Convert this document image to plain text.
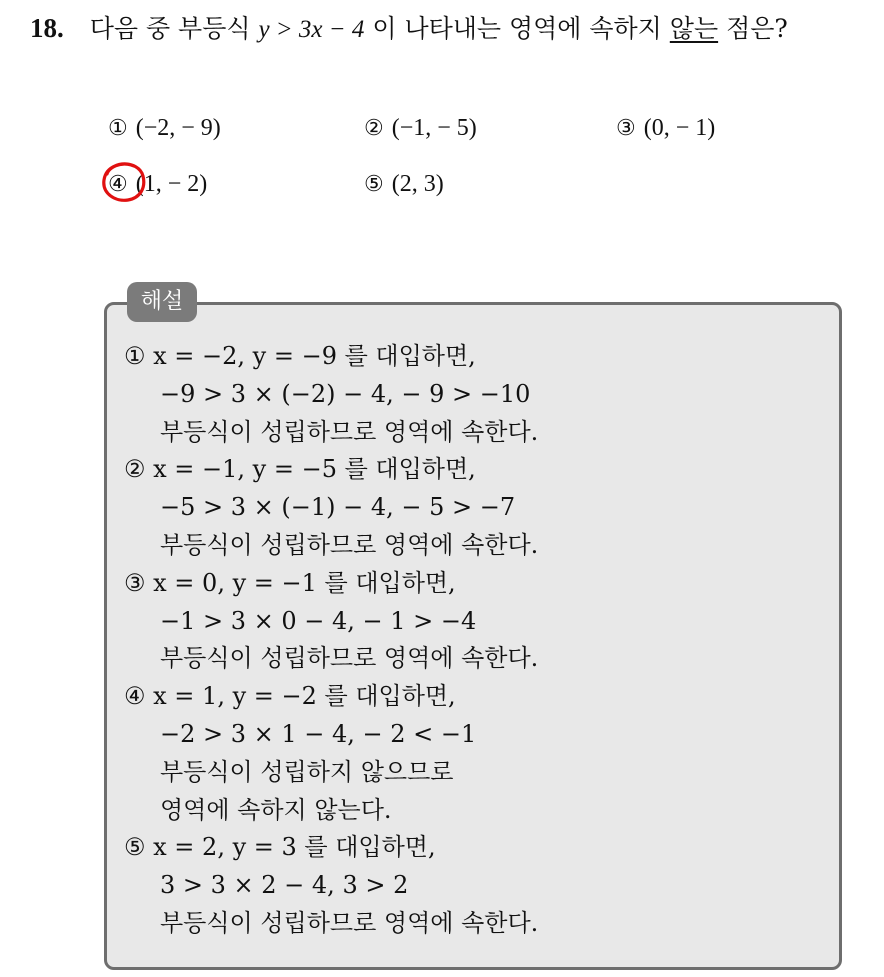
18. 다음 중 부등식 y > 3x − 4 이 나타내는 영역에 속하지 않는 점은?
① (−2, − 9)	② (−1, − 5)	③ (0, − 1)
④ (1, − 2)	⑤ (2, 3)
해설
① x = −2, y = −9 를 대입하면,
−9 > 3 × (−2) − 4, − 9 > −10
부등식이 성립하므로 영역에 속한다.
② x = −1, y = −5 를 대입하면,
−5 > 3 × (−1) − 4, − 5 > −7
부등식이 성립하므로 영역에 속한다.
③ x = 0, y = −1 를 대입하면,
−1 > 3 × 0 − 4, − 1 > −4
부등식이 성립하므로 영역에 속한다.
④ x = 1, y = −2 를 대입하면,
−2 > 3 × 1 − 4, − 2 < −1
부등식이 성립하지 않으므로
영역에 속하지 않는다.
⑤ x = 2, y = 3 를 대입하면,
3 > 3 × 2 − 4, 3 > 2
부등식이 성립하므로 영역에 속한다.
